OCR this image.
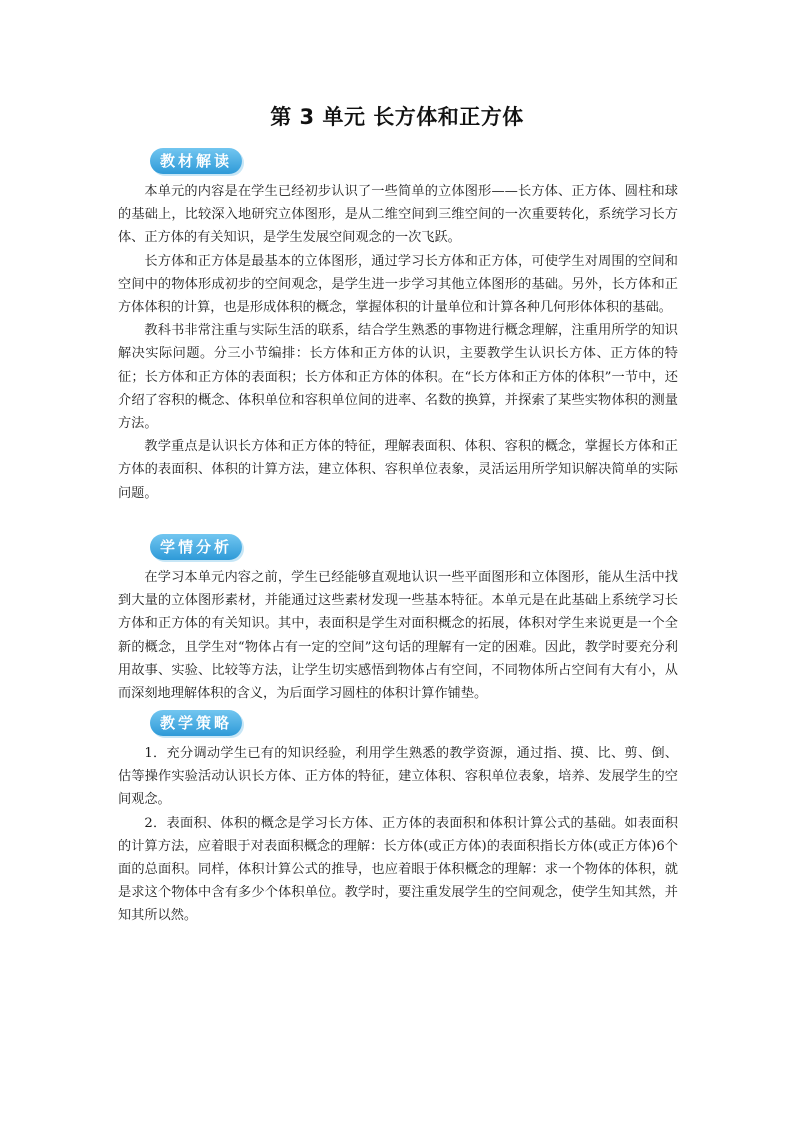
第 3 单元 长方体和正方体
教材解读

本单元的内容是在学生已经初步认识了一些简单的立体图形——长方体、正方体、圆柱和球的基础上，比较深入地研究立体图形，是从二维空间到三维空间的一次重要转化，系统学习长方体、正方体的有关知识，是学生发展空间观念的一次飞跃。

长方体和正方体是最基本的立体图形，通过学习长方体和正方体，可使学生对周围的空间和空间中的物体形成初步的空间观念，是学生进一步学习其他立体图形的基础。另外，长方体和正方体体积的计算，也是形成体积的概念，掌握体积的计量单位和计算各种几何形体体积的基础。

教科书非常注重与实际生活的联系，结合学生熟悉的事物进行概念理解，注重用所学的知识解决实际问题。分三小节编排：长方体和正方体的认识，主要教学生认识长方体、正方体的特征；长方体和正方体的表面积；长方体和正方体的体积。在“长方体和正方体的体积”一节中，还介绍了容积的概念、体积单位和容积单位间的进率、名数的换算，并探索了某些实物体积的测量方法。

教学重点是认识长方体和正方体的特征，理解表面积、体积、容积的概念，掌握长方体和正方体的表面积、体积的计算方法，建立体积、容积单位表象，灵活运用所学知识解决简单的实际问题。

学情分析

在学习本单元内容之前，学生已经能够直观地认识一些平面图形和立体图形，能从生活中找到大量的立体图形素材，并能通过这些素材发现一些基本特征。本单元是在此基础上系统学习长方体和正方体的有关知识。其中，表面积是学生对面积概念的拓展，体积对学生来说更是一个全新的概念，且学生对“物体占有一定的空间”这句话的理解有一定的困难。因此，教学时要充分利用故事、实验、比较等方法，让学生切实感悟到物体占有空间，不同物体所占空间有大有小，从而深刻地理解体积的含义，为后面学习圆柱的体积计算作铺垫。

教学策略

1．充分调动学生已有的知识经验，利用学生熟悉的教学资源，通过指、摸、比、剪、倒、估等操作实验活动认识长方体、正方体的特征，建立体积、容积单位表象，培养、发展学生的空间观念。

2．表面积、体积的概念是学习长方体、正方体的表面积和体积计算公式的基础。如表面积的计算方法，应着眼于对表面积概念的理解：长方体(或正方体)的表面积指长方体(或正方体)6个面的总面积。同样，体积计算公式的推导，也应着眼于体积概念的理解：求一个物体的体积，就是求这个物体中含有多少个体积单位。教学时，要注重发展学生的空间观念，使学生知其然，并知其所以然。
